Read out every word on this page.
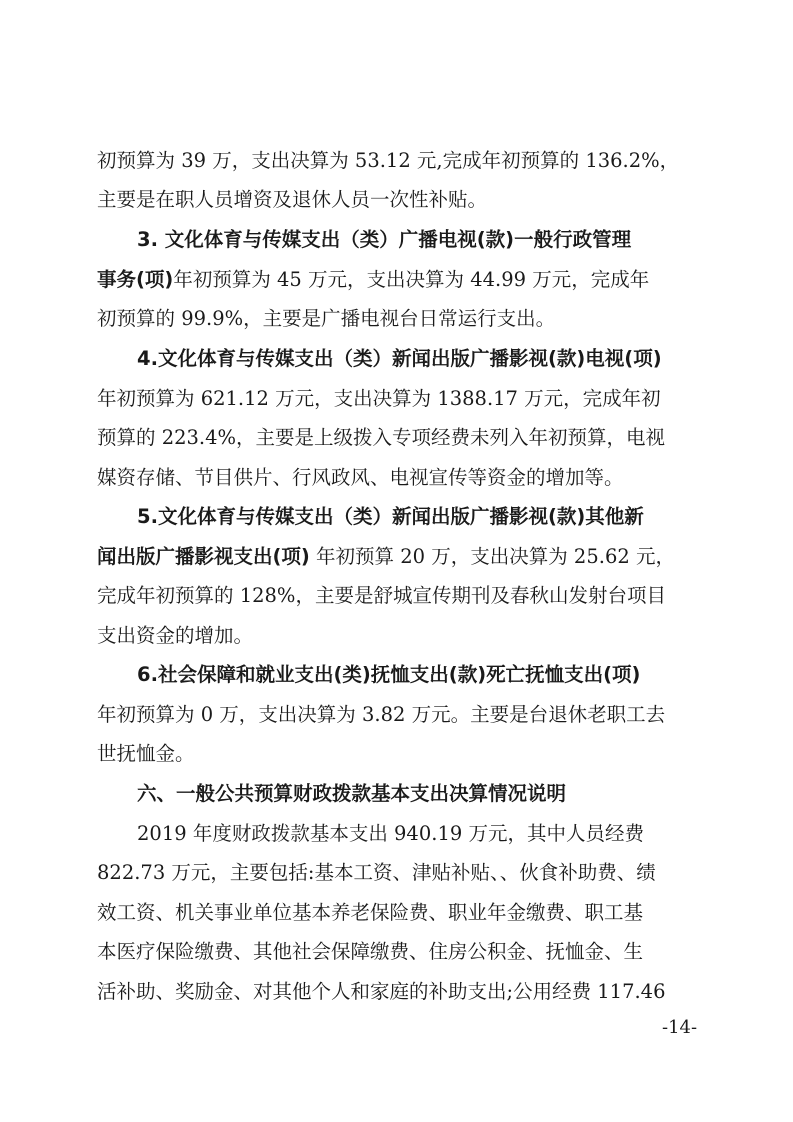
初预算为 39 万，支出决算为 53.12 元,完成年初预算的 136.2%，
主要是在职人员增资及退休人员一次性补贴。
3. 文化体育与传媒支出（类）广播电视(款)一般行政管理
事务(项)年初预算为 45 万元，支出决算为 44.99 万元，完成年
初预算的 99.9%，主要是广播电视台日常运行支出。
4.文化体育与传媒支出（类）新闻出版广播影视(款)电视(项)
年初预算为 621.12 万元，支出决算为 1388.17 万元，完成年初
预算的 223.4%，主要是上级拨入专项经费未列入年初预算，电视
媒资存储、节目供片、行风政风、电视宣传等资金的增加等。
5.文化体育与传媒支出（类）新闻出版广播影视(款)其他新
闻出版广播影视支出(项) 年初预算 20 万，支出决算为 25.62 元，
完成年初预算的 128%，主要是舒城宣传期刊及春秋山发射台项目
支出资金的增加。
6.社会保障和就业支出(类)抚恤支出(款)死亡抚恤支出(项)
年初预算为 0 万，支出决算为 3.82 万元。主要是台退休老职工去
世抚恤金。
六、一般公共预算财政拨款基本支出决算情况说明
2019 年度财政拨款基本支出 940.19 万元，其中人员经费
822.73 万元，主要包括:基本工资、津贴补贴、、伙食补助费、绩
效工资、机关事业单位基本养老保险费、职业年金缴费、职工基
本医疗保险缴费、其他社会保障缴费、住房公积金、抚恤金、生
活补助、奖励金、对其他个人和家庭的补助支出;公用经费 117.46
-14-
